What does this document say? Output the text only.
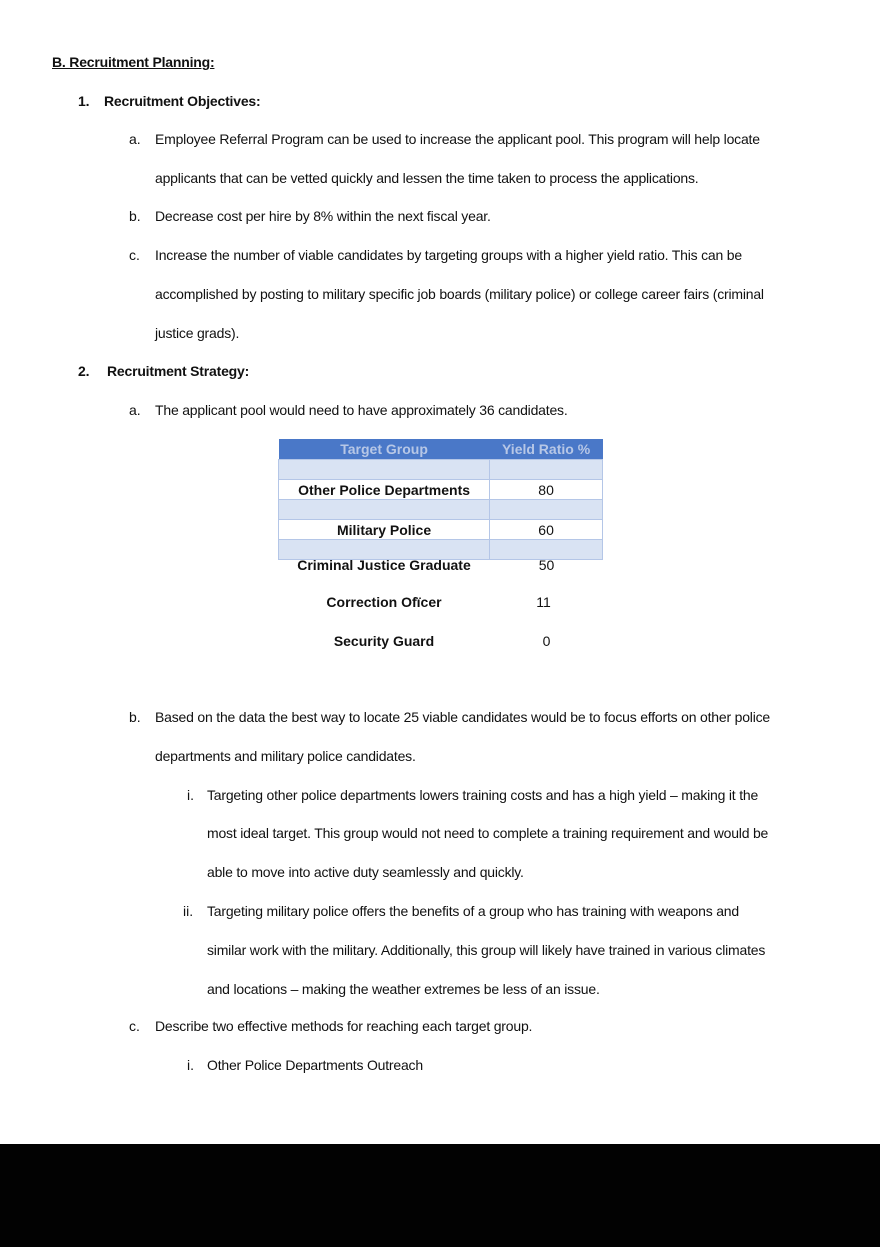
B. Recruitment Planning:
1. Recruitment Objectives:
a. Employee Referral Program can be used to increase the applicant pool. This program will help locate
applicants that can be vetted quickly and lessen the time taken to process the applications.
b. Decrease cost per hire by 8% within the next fiscal year.
c. Increase the number of viable candidates by targeting groups with a higher yield ratio. This can be
accomplished by posting to military specific job boards (military police) or college career fairs (criminal
justice grads).
2. Recruitment Strategy:
a. The applicant pool would need to have approximately 36 candidates.
Target Group	Yield Ratio %

Other Police Departments	80

Military Police	60

Criminal Justice Graduate	50
Correction Ofïcer	11
Security Guard	0
b. Based on the data the best way to locate 25 viable candidates would be to focus efforts on other police
departments and military police candidates.
i. Targeting other police departments lowers training costs and has a high yield – making it the
most ideal target. This group would not need to complete a training requirement and would be
able to move into active duty seamlessly and quickly.
ii. Targeting military police offers the benefits of a group who has training with weapons and
similar work with the military. Additionally, this group will likely have trained in various climates
and locations – making the weather extremes be less of an issue.
c. Describe two effective methods for reaching each target group.
i. Other Police Departments Outreach
